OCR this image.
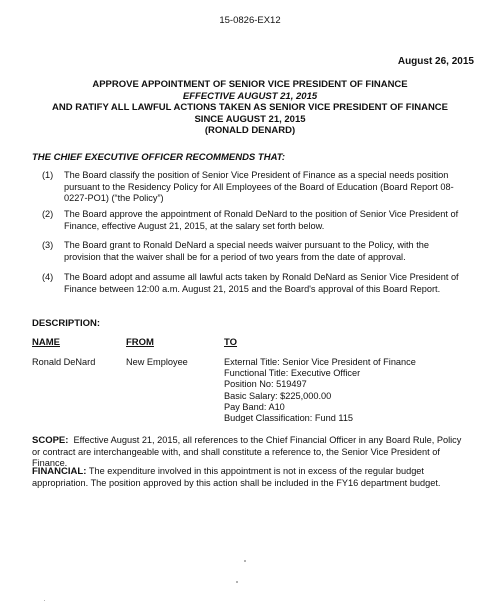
15-0826-EX12
August 26, 2015
APPROVE APPOINTMENT OF SENIOR VICE PRESIDENT OF FINANCE
EFFECTIVE AUGUST 21, 2015
AND RATIFY ALL LAWFUL ACTIONS TAKEN AS SENIOR VICE PRESIDENT OF FINANCE
SINCE AUGUST 21, 2015
(RONALD DENARD)
THE CHIEF EXECUTIVE OFFICER RECOMMENDS THAT:
(1) The Board classify the position of Senior Vice President of Finance as a special needs position pursuant to the Residency Policy for All Employees of the Board of Education (Board Report 08-0227-PO1) (“the Policy”)
(2) The Board approve the appointment of Ronald DeNard to the position of Senior Vice President of Finance, effective August 21, 2015, at the salary set forth below.
(3) The Board grant to Ronald DeNard a special needs waiver pursuant to the Policy, with the provision that the waiver shall be for a period of two years from the date of approval.
(4) The Board adopt and assume all lawful acts taken by Ronald DeNard as Senior Vice President of Finance between 12:00 a.m. August 21, 2015 and the Board's approval of this Board Report.
DESCRIPTION:
NAME	FROM	TO
Ronald DeNard	New Employee	External Title: Senior Vice President of Finance
Functional Title: Executive Officer
Position No: 519497
Basic Salary: $225,000.00
Pay Band: A10
Budget Classification: Fund 115
SCOPE: Effective August 21, 2015, all references to the Chief Financial Officer in any Board Rule, Policy or contract are interchangeable with, and shall constitute a reference to, the Senior Vice President of Finance.
FINANCIAL: The expenditure involved in this appointment is not in excess of the regular budget appropriation. The position approved by this action shall be included in the FY16 department budget.
